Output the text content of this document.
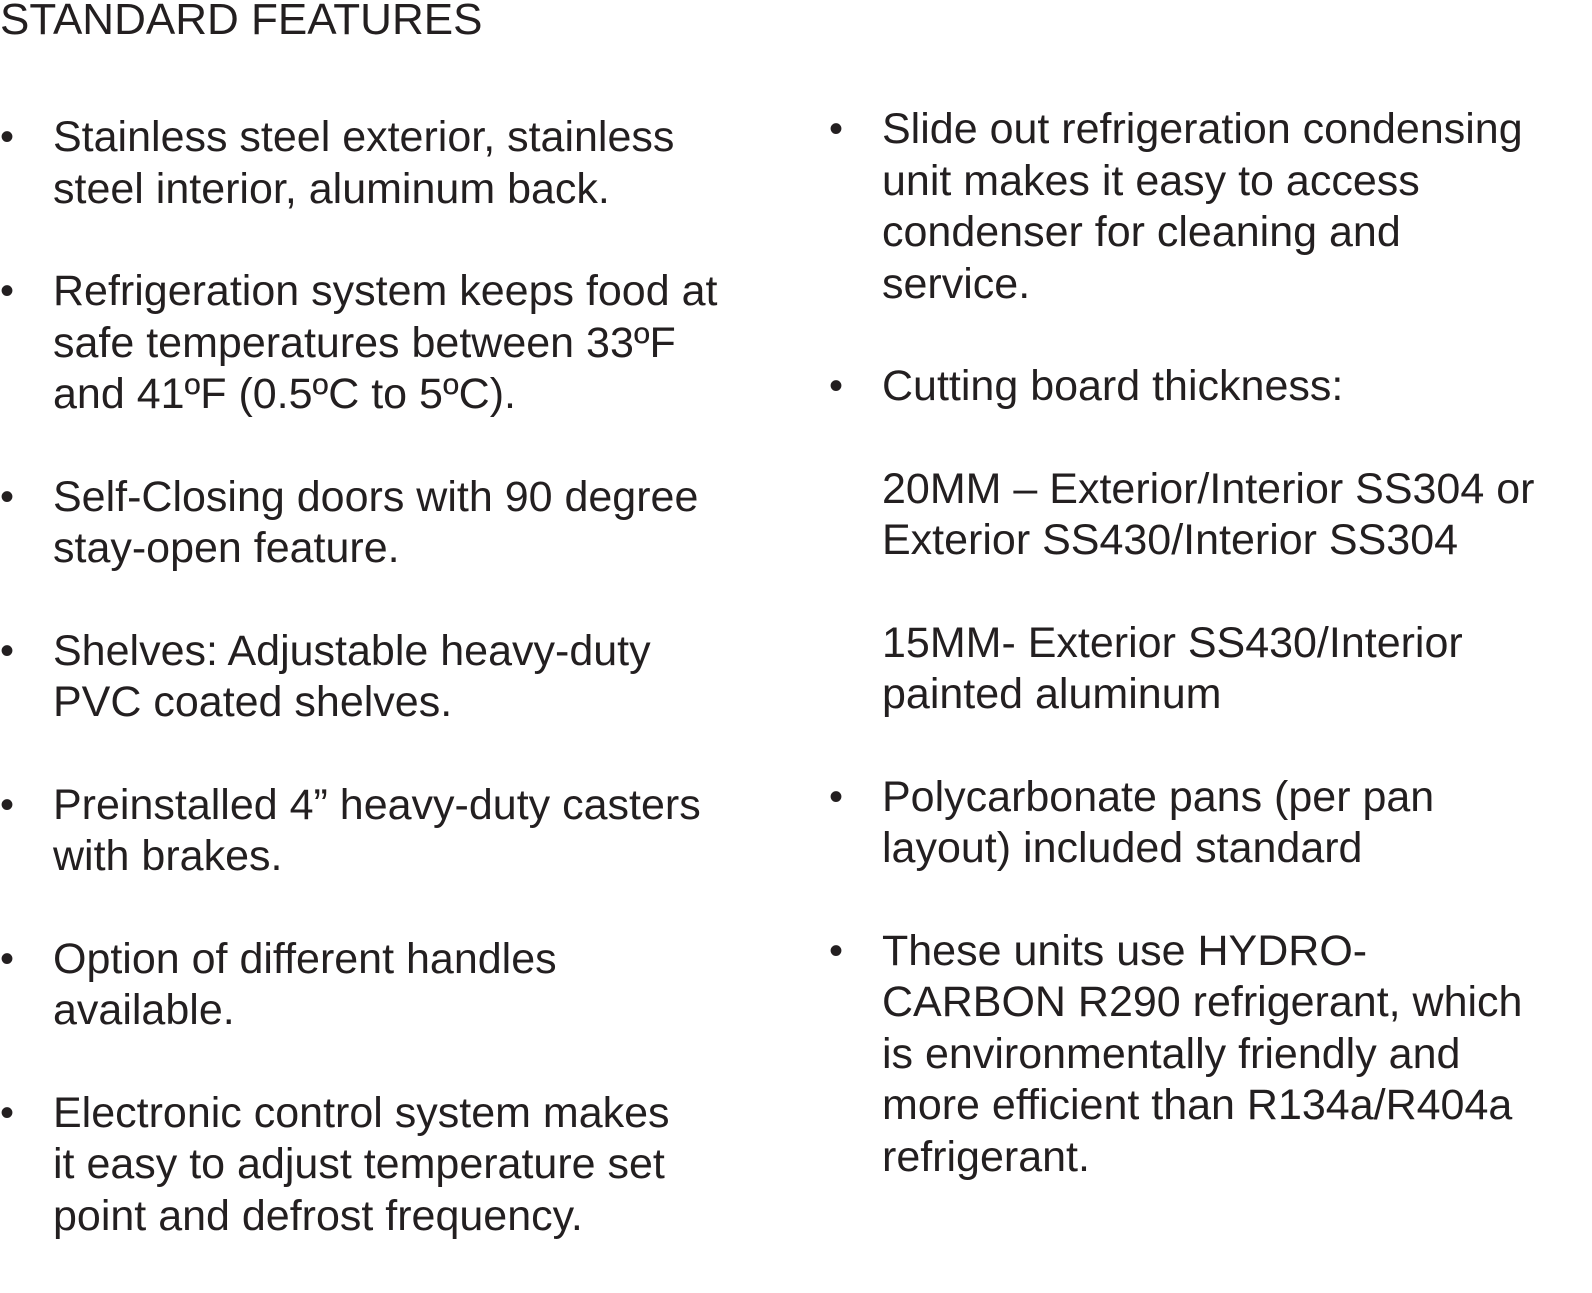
STANDARD FEATURES
• Stainless steel exterior, stainless
steel interior, aluminum back.
• Refrigeration system keeps food at
safe temperatures between 33ºF
and 41ºF (0.5ºC to 5ºC).
• Self-Closing doors with 90 degree
stay-open feature.
• Shelves: Adjustable heavy-duty
PVC coated shelves.
• Preinstalled 4” heavy-duty casters
with brakes.
• Option of different handles
available.
• Electronic control system makes
it easy to adjust temperature set
point and defrost frequency.
• Slide out refrigeration condensing
unit makes it easy to access
condenser for cleaning and
service.
• Cutting board thickness:
20MM – Exterior/Interior SS304 or
Exterior SS430/Interior SS304
15MM- Exterior SS430/Interior
painted aluminum
• Polycarbonate pans (per pan
layout) included standard
• These units use HYDRO-
CARBON R290 refrigerant, which
is environmentally friendly and
more efficient than R134a/R404a
refrigerant.
